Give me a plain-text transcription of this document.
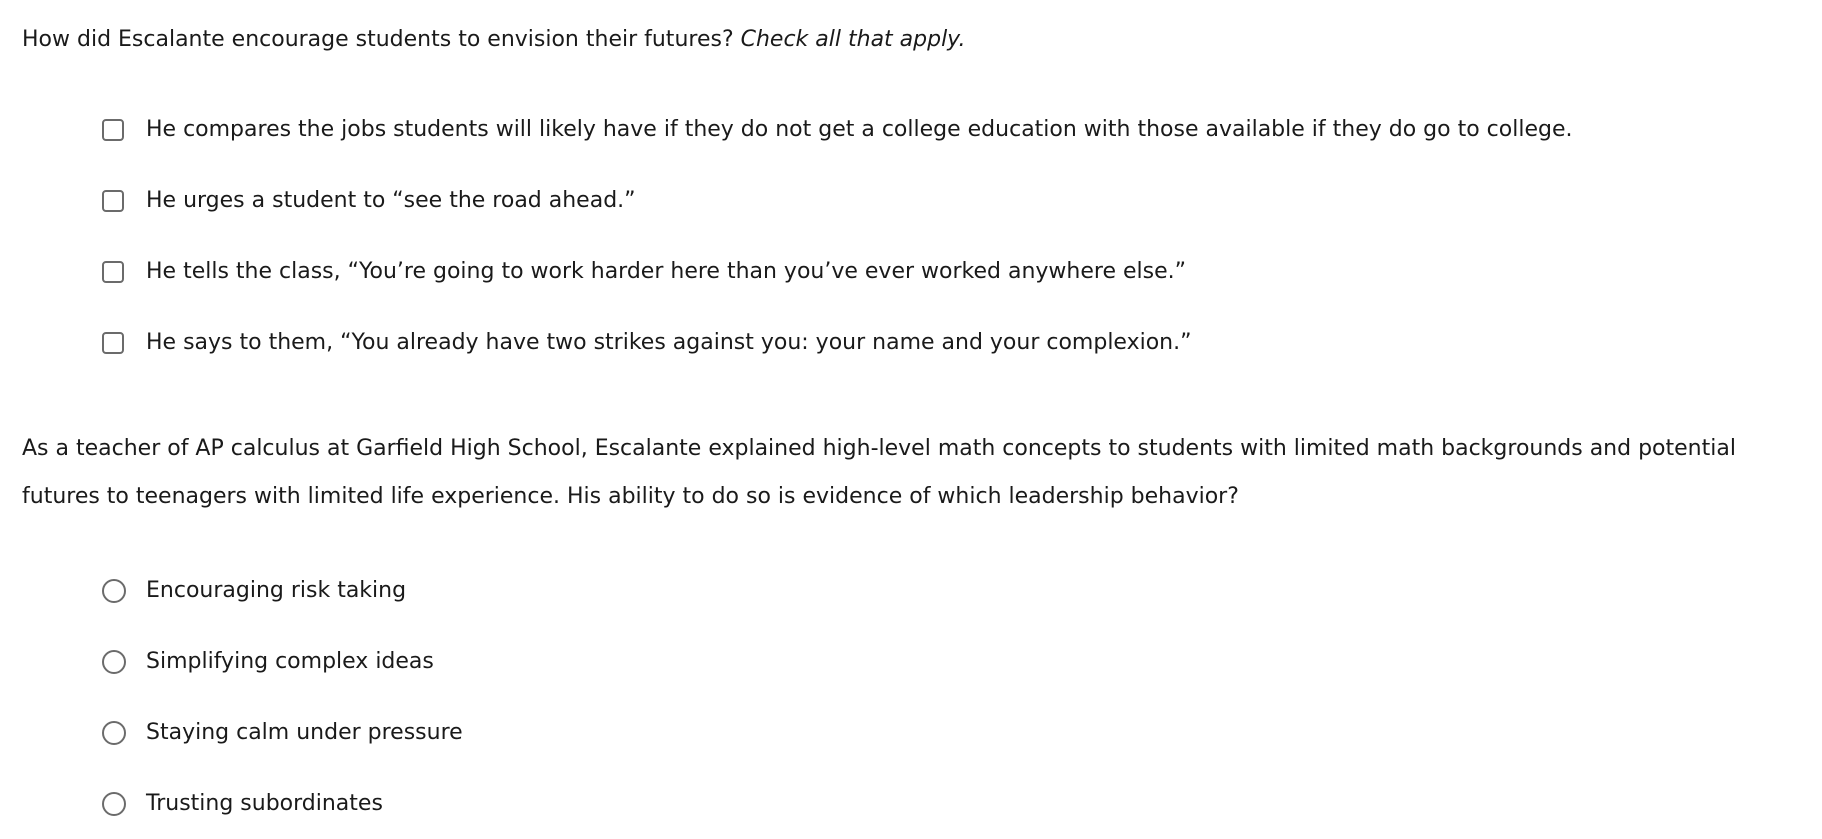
How did Escalante encourage students to envision their futures? Check all that apply.

He compares the jobs students will likely have if they do not get a college education with those available if they do go to college.
He urges a student to “see the road ahead.”
He tells the class, “You’re going to work harder here than you’ve ever worked anywhere else.”
He says to them, “You already have two strikes against you: your name and your complexion.”

As a teacher of AP calculus at Garfield High School, Escalante explained high-level math concepts to students with limited math backgrounds and potential futures to teenagers with limited life experience. His ability to do so is evidence of which leadership behavior?

Encouraging risk taking
Simplifying complex ideas
Staying calm under pressure
Trusting subordinates
